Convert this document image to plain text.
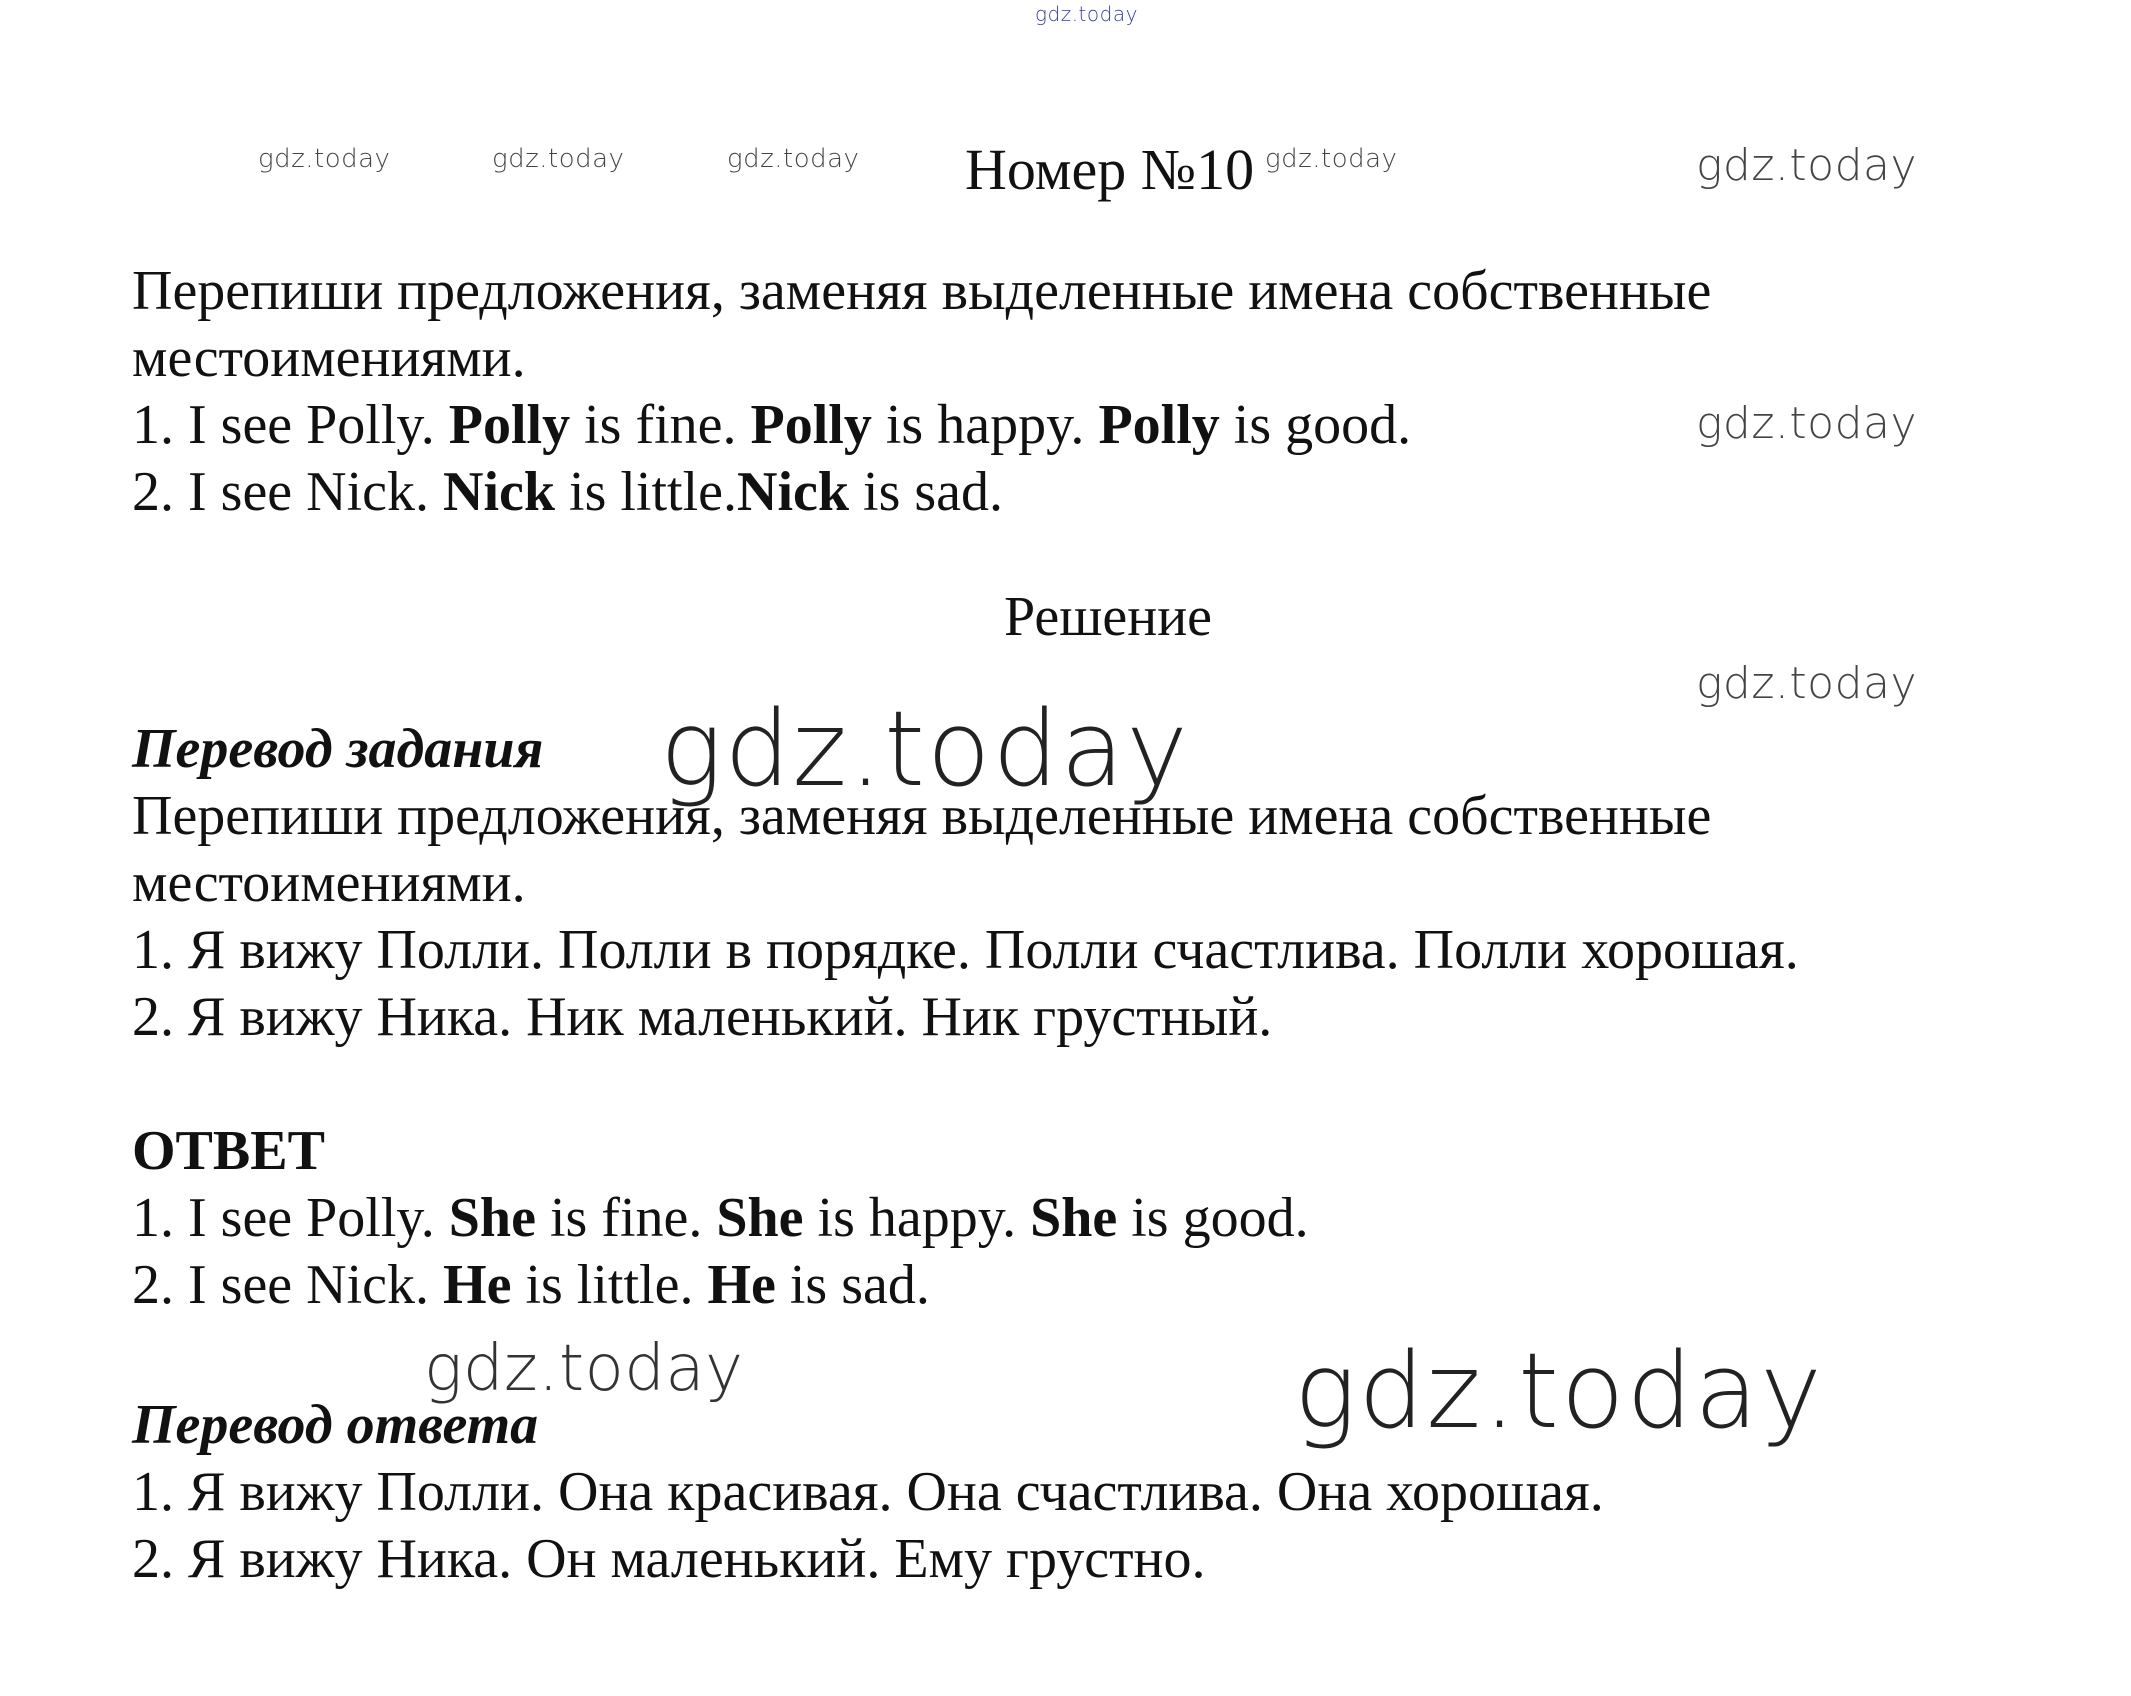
gdz.today
gdz.today	gdz.today	gdz.today	gdz.today	gdz.today
gdz.today
gdz.today
gdz.today
gdz.today	gdz.today
Номер №10
Перепиши предложения, заменяя выделенные имена собственные
местоимениями.
1. I see Polly. Polly is fine. Polly is happy. Polly is good.
2. I see Nick. Nick is little.Nick is sad.
Решение
Перевод задания
Перепиши предложения, заменяя выделенные имена собственные
местоимениями.
1. Я вижу Полли. Полли в порядке. Полли счастлива. Полли хорошая.
2. Я вижу Ника. Ник маленький. Ник грустный.
ОТВЕТ
1. I see Polly. She is fine. She is happy. She is good.
2. I see Nick. He is little. He is sad.
Перевод ответа
1. Я вижу Полли. Она красивая. Она счастлива. Она хорошая.
2. Я вижу Ника. Он маленький. Ему грустно.
